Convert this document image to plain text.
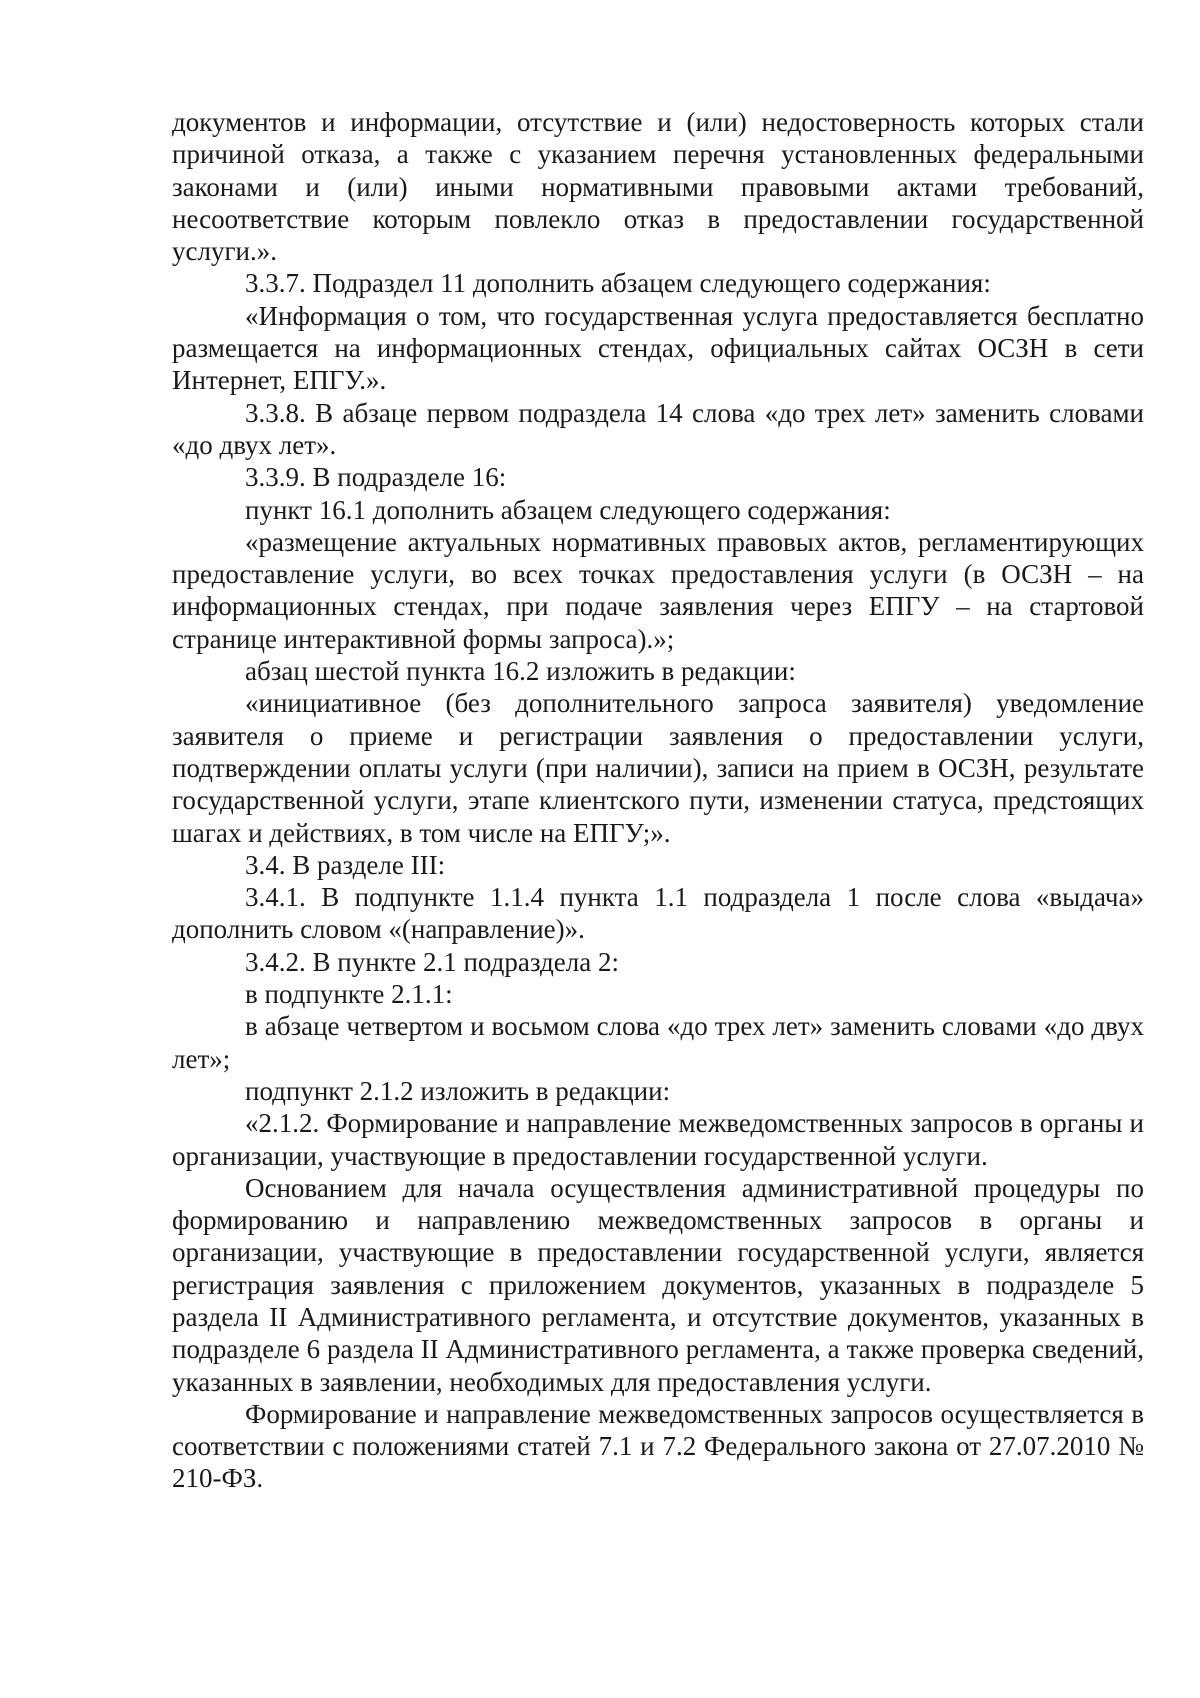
документов и информации, отсутствие и (или) недостоверность которых стали причиной отказа, а также с указанием перечня установленных федеральными законами и (или) иными нормативными правовыми актами требований, несоответствие которым повлекло отказ в предоставлении государственной услуги.».

3.3.7. Подраздел 11 дополнить абзацем следующего содержания:

«Информация о том, что государственная услуга предоставляется бесплатно размещается на информационных стендах, официальных сайтах ОСЗН в сети Интернет, ЕПГУ.».

3.3.8. В абзаце первом подраздела 14 слова «до трех лет» заменить словами «до двух лет».

3.3.9. В подразделе 16:

пункт 16.1 дополнить абзацем следующего содержания:

«размещение актуальных нормативных правовых актов, регламентирующих предоставление услуги, во всех точках предоставления услуги (в ОСЗН – на информационных стендах, при подаче заявления через ЕПГУ – на стартовой странице интерактивной формы запроса).»;

абзац шестой пункта 16.2 изложить в редакции:

«инициативное (без дополнительного запроса заявителя) уведомление заявителя о приеме и регистрации заявления о предоставлении услуги, подтверждении оплаты услуги (при наличии), записи на прием в ОСЗН, результате государственной услуги, этапе клиентского пути, изменении статуса, предстоящих шагах и действиях, в том числе на ЕПГУ;».

3.4. В разделе III:

3.4.1. В подпункте 1.1.4 пункта 1.1 подраздела 1 после слова «выдача» дополнить словом «(направление)».

3.4.2. В пункте 2.1 подраздела 2:

в подпункте 2.1.1:

в абзаце четвертом и восьмом слова «до трех лет» заменить словами «до двух лет»;

подпункт 2.1.2 изложить в редакции:

«2.1.2. Формирование и направление межведомственных запросов в органы и организации, участвующие в предоставлении государственной услуги.

Основанием для начала осуществления административной процедуры по формированию и направлению межведомственных запросов в органы и организации, участвующие в предоставлении государственной услуги, является регистрация заявления с приложением документов, указанных в подразделе 5 раздела II Административного регламента, и отсутствие документов, указанных в подразделе 6 раздела II Административного регламента, а также проверка сведений, указанных в заявлении, необходимых для предоставления услуги.

Формирование и направление межведомственных запросов осуществляется в соответствии с положениями статей 7.1 и 7.2 Федерального закона от 27.07.2010 № 210-ФЗ.
